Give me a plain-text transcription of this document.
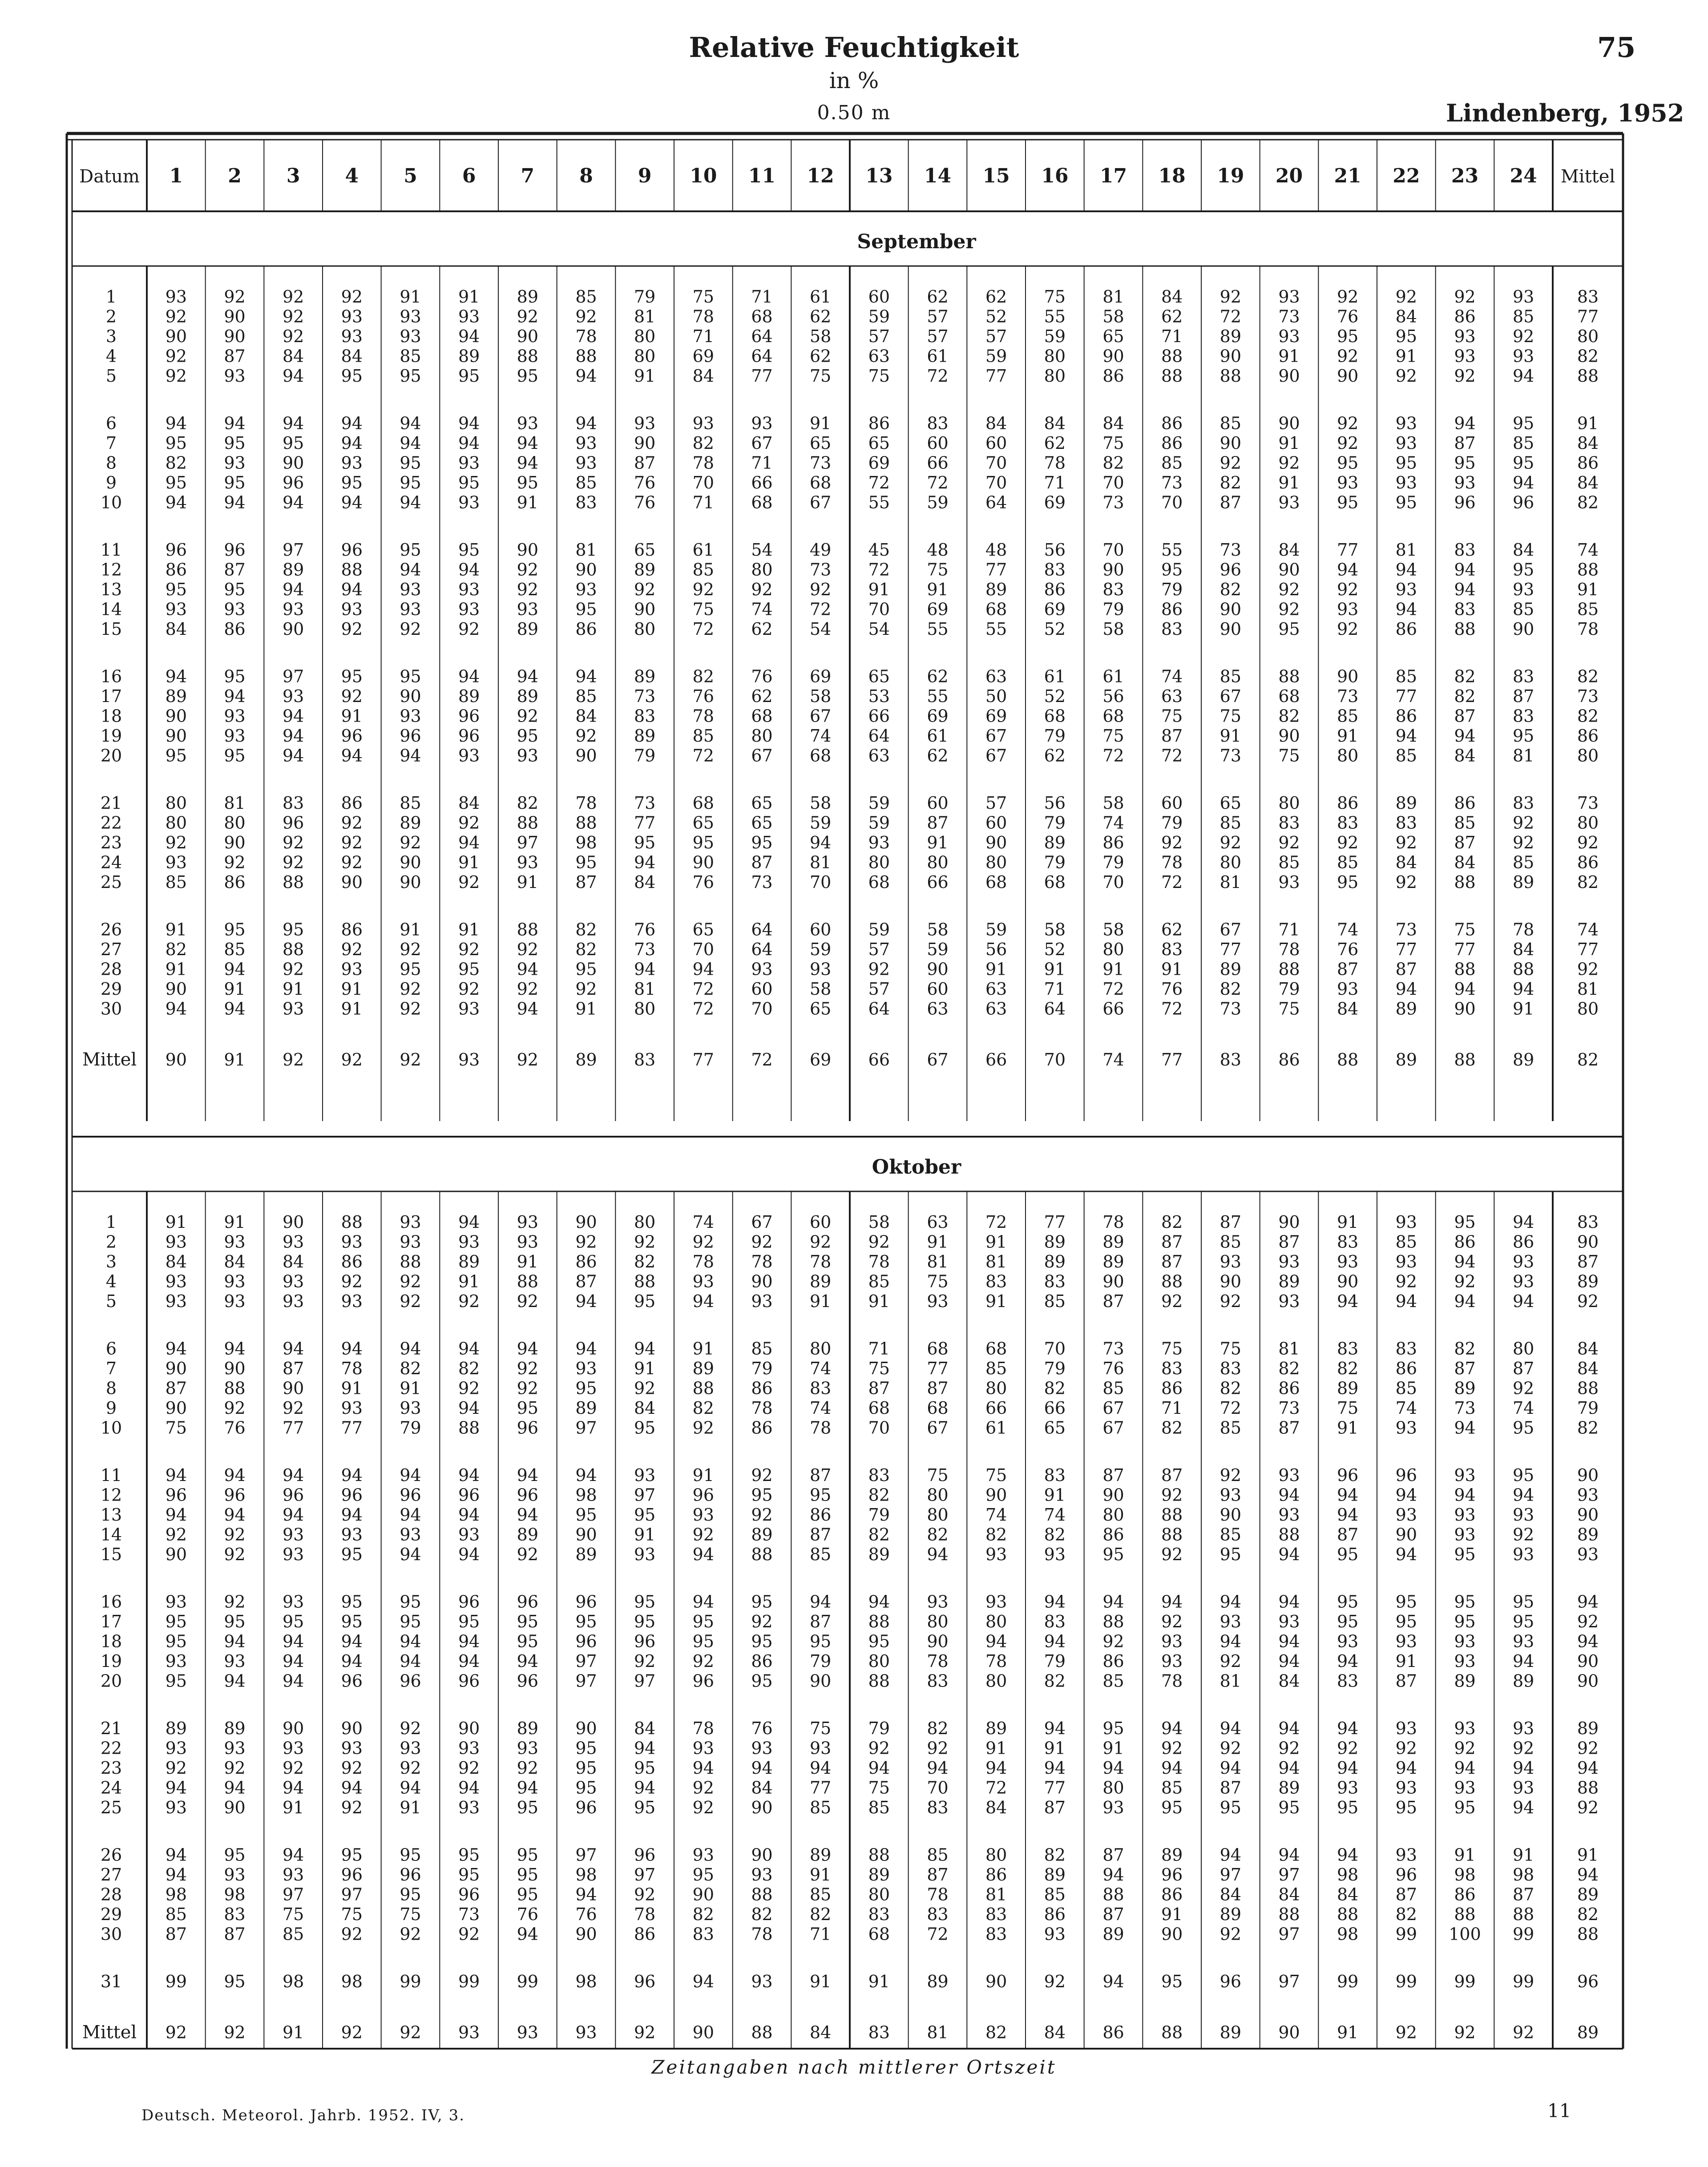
Relative Feuchtigkeit
in %
0.50 m
75
Lindenberg, 1952
Datum 1 2 3 4 5 6 7 8 9 10 11 12 13 14 15 16 17 18 19 20 21 22 23 24 Mittel
September
1	93 92 92 92 91 91 89 85 79 75 71 61 60 62 62 75 81 84 92 93 92 92 92 93	83
2	92 90 92 93 93 93 92 92 81 78 68 62 59 57 52 55 58 62 72 73 76 84 86 85	77
3	90 90 92 93 93 94 90 78 80 71 64 58 57 57 57 59 65 71 89 93 95 95 93 92	80
4	92 87 84 84 85 89 88 88 80 69 64 62 63 61 59 80 90 88 90 91 92 91 93 93	82
5	92 93 94 95 95 95 95 94 91 84 77 75 75 72 77 80 86 88 88 90 90 92 92 94	88
6	94 94 94 94 94 94 93 94 93 93 93 91 86 83 84 84 84 86 85 90 92 93 94 95	91
7	95 95 95 94 94 94 94 93 90 82 67 65 65 60 60 62 75 86 90 91 92 93 87 85	84
8	82 93 90 93 95 93 94 93 87 78 71 73 69 66 70 78 82 85 92 92 95 95 95 95	86
9	95 95 96 95 95 95 95 85 76 70 66 68 72 72 70 71 70 73 82 91 93 93 93 94	84
10	94 94 94 94 94 93 91 83 76 71 68 67 55 59 64 69 73 70 87 93 95 95 96 96	82
11	96 96 97 96 95 95 90 81 65 61 54 49 45 48 48 56 70 55 73 84 77 81 83 84	74
12	86 87 89 88 94 94 92 90 89 85 80 73 72 75 77 83 90 95 96 90 94 94 94 95	88
13	95 95 94 94 93 93 92 93 92 92 92 92 91 91 89 86 83 79 82 92 92 93 94 93	91
14	93 93 93 93 93 93 93 95 90 75 74 72 70 69 68 69 79 86 90 92 93 94 83 85	85
15	84 86 90 92 92 92 89 86 80 72 62 54 54 55 55 52 58 83 90 95 92 86 88 90	78
16	94 95 97 95 95 94 94 94 89 82 76 69 65 62 63 61 61 74 85 88 90 85 82 83	82
17	89 94 93 92 90 89 89 85 73 76 62 58 53 55 50 52 56 63 67 68 73 77 82 87	73
18	90 93 94 91 93 96 92 84 83 78 68 67 66 69 69 68 68 75 75 82 85 86 87 83	82
19	90 93 94 96 96 96 95 92 89 85 80 74 64 61 67 79 75 87 91 90 91 94 94 95	86
20	95 95 94 94 94 93 93 90 79 72 67 68 63 62 67 62 72 72 73 75 80 85 84 81	80
21	80 81 83 86 85 84 82 78 73 68 65 58 59 60 57 56 58 60 65 80 86 89 86 83	73
22	80 80 96 92 89 92 88 88 77 65 65 59 59 87 60 79 74 79 85 83 83 83 85 92	80
23	92 90 92 92 92 94 97 98 95 95 95 94 93 91 90 89 86 92 92 92 92 92 87 92	92
24	93 92 92 92 90 91 93 95 94 90 87 81 80 80 80 79 79 78 80 85 85 84 84 85	86
25	85 86 88 90 90 92 91 87 84 76 73 70 68 66 68 68 70 72 81 93 95 92 88 89	82
26	91 95 95 86 91 91 88 82 76 65 64 60 59 58 59 58 58 62 67 71 74 73 75 78	74
27	82 85 88 92 92 92 92 82 73 70 64 59 57 59 56 52 80 83 77 78 76 77 77 84	77
28	91 94 92 93 95 95 94 95 94 94 93 93 92 90 91 91 91 91 89 88 87 87 88 88	92
29	90 91 91 91 92 92 92 92 81 72 60 58 57 60 63 71 72 76 82 79 93 94 94 94	81
30	94 94 93 91 92 93 94 91 80 72 70 65 64 63 63 64 66 72 73 75 84 89 90 91	80
Mittel 90 91 92 92 92 93 92 89 83 77 72 69 66 67 66 70 74 77 83 86 88 89 88 89	82
Oktober
1	91 91 90 88 93 94 93 90 80 74 67 60 58 63 72 77 78 82 87 90 91 93 95 94	83
2	93 93 93 93 93 93 93 92 92 92 92 92 92 91 91 89 89 87 85 87 83 85 86 86	90
3	84 84 84 86 88 89 91 86 82 78 78 78 78 81 81 89 89 87 93 93 93 93 94 93	87
4	93 93 93 92 92 91 88 87 88 93 90 89 85 75 83 83 90 88 90 89 90 92 92 93	89
5	93 93 93 93 92 92 92 94 95 94 93 91 91 93 91 85 87 92 92 93 94 94 94 94	92
6	94 94 94 94 94 94 94 94 94 91 85 80 71 68 68 70 73 75 75 81 83 83 82 80	84
7	90 90 87 78 82 82 92 93 91 89 79 74 75 77 85 79 76 83 83 82 82 86 87 87	84
8	87 88 90 91 91 92 92 95 92 88 86 83 87 87 80 82 85 86 82 86 89 85 89 92	88
9	90 92 92 93 93 94 95 89 84 82 78 74 68 68 66 66 67 71 72 73 75 74 73 74	79
10	75 76 77 77 79 88 96 97 95 92 86 78 70 67 61 65 67 82 85 87 91 93 94 95	82
11	94 94 94 94 94 94 94 94 93 91 92 87 83 75 75 83 87 87 92 93 96 96 93 95	90
12	96 96 96 96 96 96 96 98 97 96 95 95 82 80 90 91 90 92 93 94 94 94 94 94	93
13	94 94 94 94 94 94 94 95 95 93 92 86 79 80 74 74 80 88 90 93 94 93 93 93	90
14	92 92 93 93 93 93 89 90 91 92 89 87 82 82 82 82 86 88 85 88 87 90 93 92	89
15	90 92 93 95 94 94 92 89 93 94 88 85 89 94 93 93 95 92 95 94 95 94 95 93	93
16	93 92 93 95 95 96 96 96 95 94 95 94 94 93 93 94 94 94 94 94 95 95 95 95	94
17	95 95 95 95 95 95 95 95 95 95 92 87 88 80 80 83 88 92 93 93 95 95 95 95	92
18	95 94 94 94 94 94 95 96 96 95 95 95 95 90 94 94 92 93 94 94 93 93 93 93	94
19	93 93 94 94 94 94 94 97 92 92 86 79 80 78 78 79 86 93 92 94 94 91 93 94	90
20	95 94 94 96 96 96 96 97 97 96 95 90 88 83 80 82 85 78 81 84 83 87 89 89	90
21	89 89 90 90 92 90 89 90 84 78 76 75 79 82 89 94 95 94 94 94 94 93 93 93	89
22	93 93 93 93 93 93 93 95 94 93 93 93 92 92 91 91 91 92 92 92 92 92 92 92	92
23	92 92 92 92 92 92 92 95 95 94 94 94 94 94 94 94 94 94 94 94 94 94 94 94	94
24	94 94 94 94 94 94 94 95 94 92 84 77 75 70 72 77 80 85 87 89 93 93 93 93	88
25	93 90 91 92 91 93 95 96 95 92 90 85 85 83 84 87 93 95 95 95 95 95 95 94	92
26	94 95 94 95 95 95 95 97 96 93 90 89 88 85 80 82 87 89 94 94 94 93 91 91	91
27	94 93 93 96 96 95 95 98 97 95 93 91 89 87 86 89 94 96 97 97 98 96 98 98	94
28	98 98 97 97 95 96 95 94 92 90 88 85 80 78 81 85 88 86 84 84 84 87 86 87	89
29	85 83 75 75 75 73 76 76 78 82 82 82 83 83 83 86 87 91 89 88 88 82 88 88	82
30	87 87 85 92 92 92 94 90 86 83 78 71 68 72 83 93 89 90 92 97 98 99 100 99	88
31	99 95 98 98 99 99 99 98 96 94 93 91 91 89 90 92 94 95 96 97 99 99 99 99	96
Mittel 92 92 91 92 92 93 93 93 92 90 88 84 83 81 82 84 86 88 89 90 91 92 92 92	89
Zeitangaben nach mittlerer Ortszeit
Deutsch. Meteorol. Jahrb. 1952. IV, 3.	11
